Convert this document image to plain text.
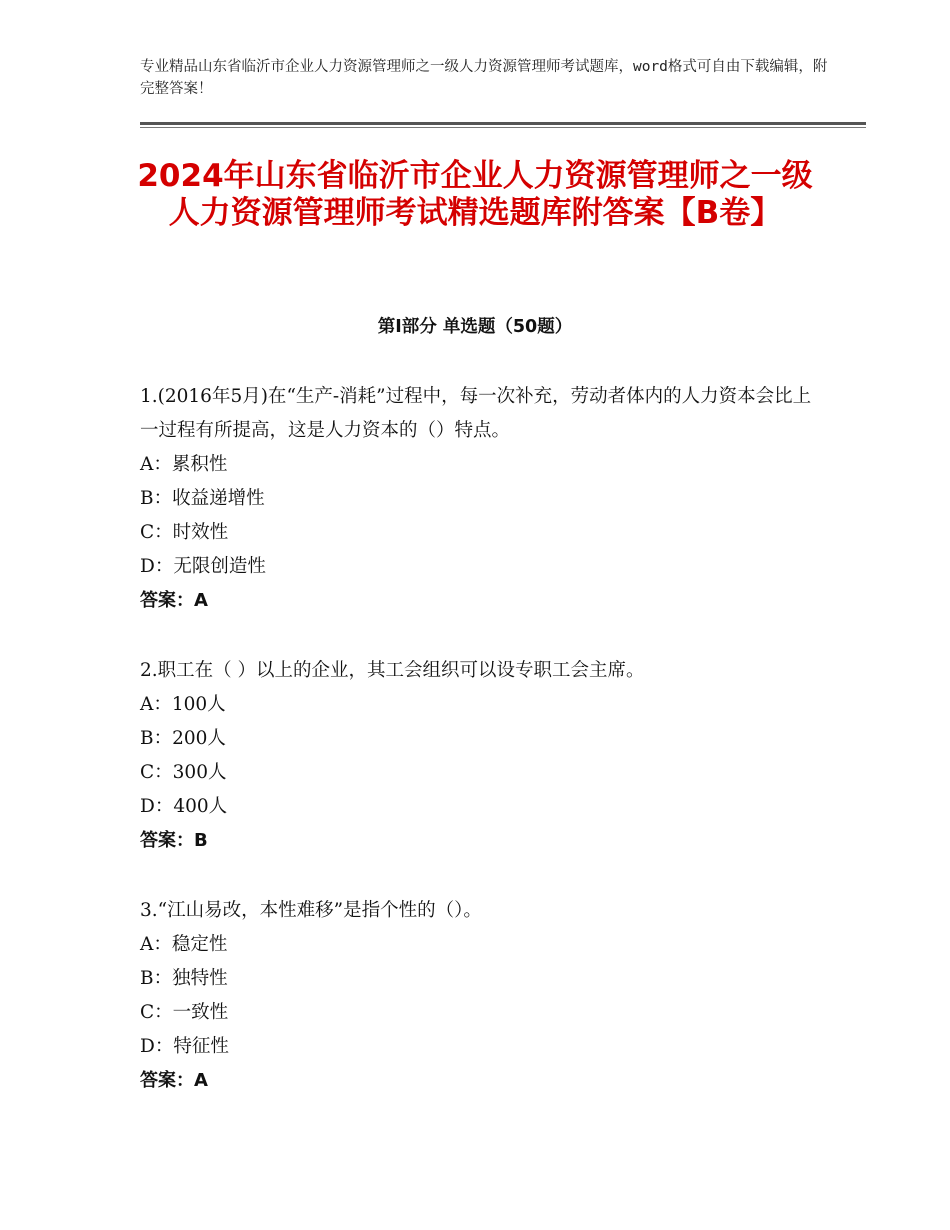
专业精品山东省临沂市企业人力资源管理师之一级人力资源管理师考试题库，word格式可自由下载编辑，附完整答案！
2024年山东省临沂市企业人力资源管理师之一级人力资源管理师考试精选题库附答案【B卷】
第Ⅰ部分 单选题（50题）

1.(2016年5月)在“生产-消耗”过程中，每一次补充，劳动者体内的人力资本会比上一过程有所提高，这是人力资本的（）特点。

A：累积性

B：收益递增性

C：时效性

D：无限创造性

答案：A

2.职工在（ ）以上的企业，其工会组织可以设专职工会主席。

A：100人

B：200人

C：300人

D：400人

答案：B

3.“江山易改，本性难移”是指个性的（）。

A：稳定性

B：独特性

C：一致性

D：特征性

答案：A
